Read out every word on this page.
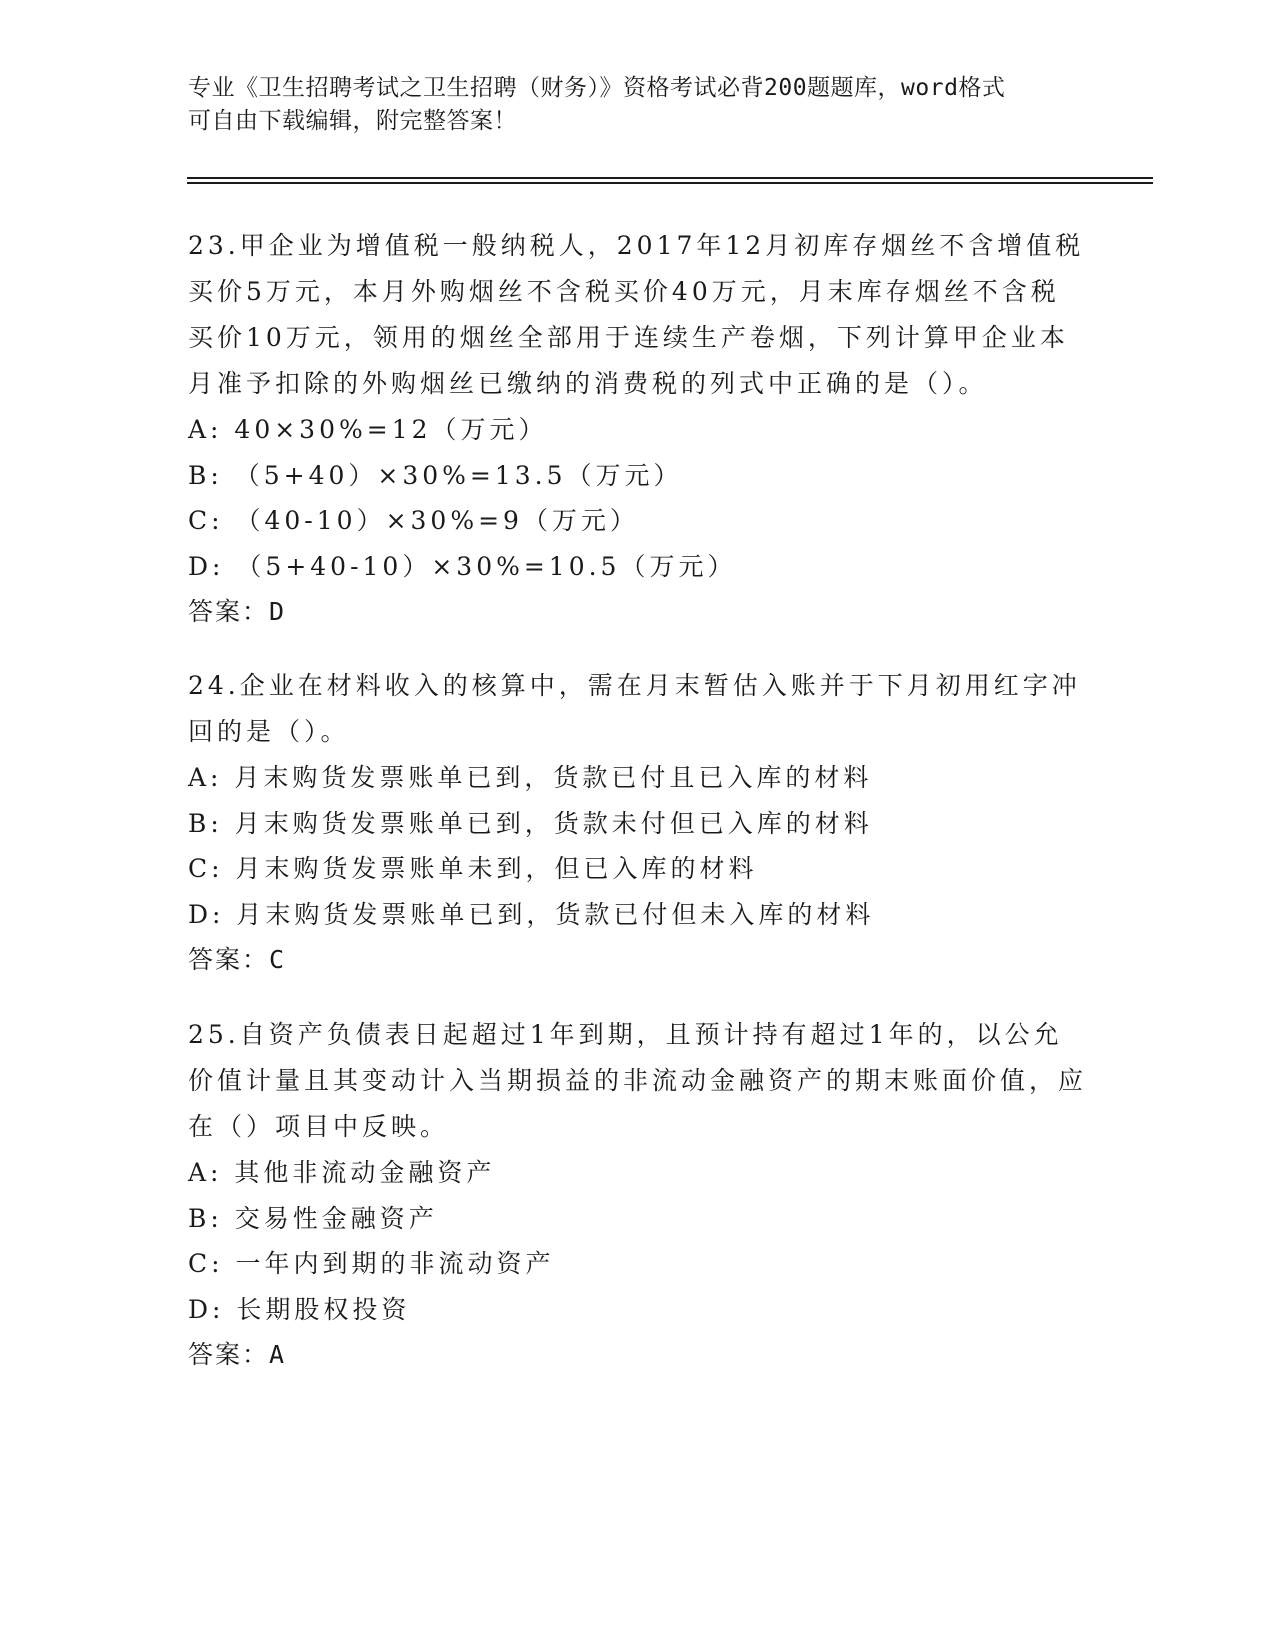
专业《卫生招聘考试之卫生招聘（财务）》资格考试必背200题题库，word格式

可自由下载编辑，附完整答案！

23.甲企业为增值税一般纳税人，2017年12月初库存烟丝不含增值税买价5万元，本月外购烟丝不含税买价40万元，月末库存烟丝不含税买价10万元，领用的烟丝全部用于连续生产卷烟，下列计算甲企业本月准予扣除的外购烟丝已缴纳的消费税的列式中正确的是（）。

A: 40×30%=12（万元）

B: （5+40）×30%=13.5（万元）

C: （40-10）×30%=9（万元）

D: （5+40-10）×30%=10.5（万元）

答案：D

24.企业在材料收入的核算中，需在月末暂估入账并于下月初用红字冲回的是（）。

A: 月末购货发票账单已到，货款已付且已入库的材料

B: 月末购货发票账单已到，货款未付但已入库的材料

C: 月末购货发票账单未到，但已入库的材料

D: 月末购货发票账单已到，货款已付但未入库的材料

答案：C

25.自资产负债表日起超过1年到期，且预计持有超过1年的，以公允价值计量且其变动计入当期损益的非流动金融资产的期末账面价值，应在（）项目中反映。

A: 其他非流动金融资产

B: 交易性金融资产

C: 一年内到期的非流动资产

D: 长期股权投资

答案：A
